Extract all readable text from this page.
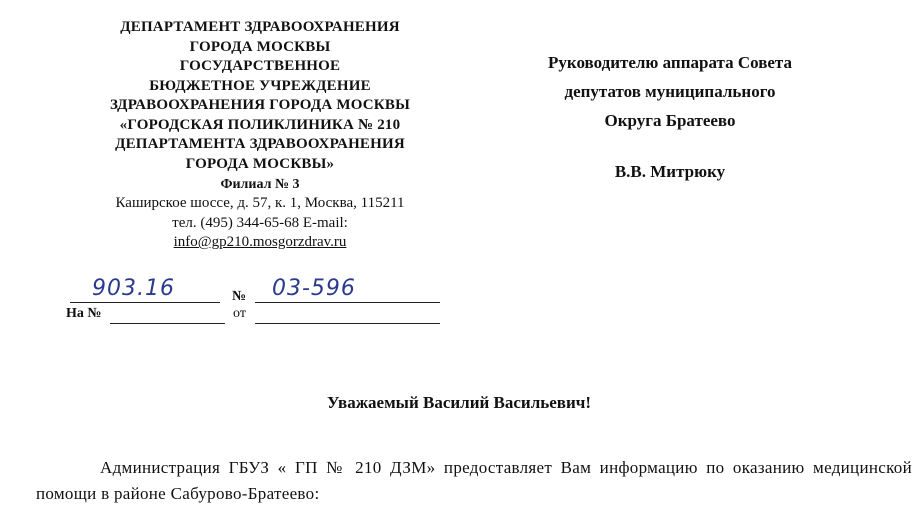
ДЕПАРТАМЕНТ ЗДРАВООХРАНЕНИЯ
ГОРОДА МОСКВЫ
ГОСУДАРСТВЕННОЕ
БЮДЖЕТНОЕ УЧРЕЖДЕНИЕ
ЗДРАВООХРАНЕНИЯ ГОРОДА МОСКВЫ
«ГОРОДСКАЯ ПОЛИКЛИНИКА № 210
ДЕПАРТАМЕНТА ЗДРАВООХРАНЕНИЯ
ГОРОДА МОСКВЫ»
Филиал № 3
Каширское шоссе, д. 57, к. 1, Москва, 115211
тел. (495) 344-65-68 E-mail:
info@gp210.mosgorzdrav.ru
903.16	№ 03-596
На №	от
Руководителю аппарата Совета
депутатов муниципального
Округа Братеево
В.В. Митрюку
Уважаемый Василий Васильевич!
Администрация ГБУЗ « ГП № 210 ДЗМ» предоставляет Вам информацию по оказанию медицинской помощи в районе Сабурово-Братеево:
